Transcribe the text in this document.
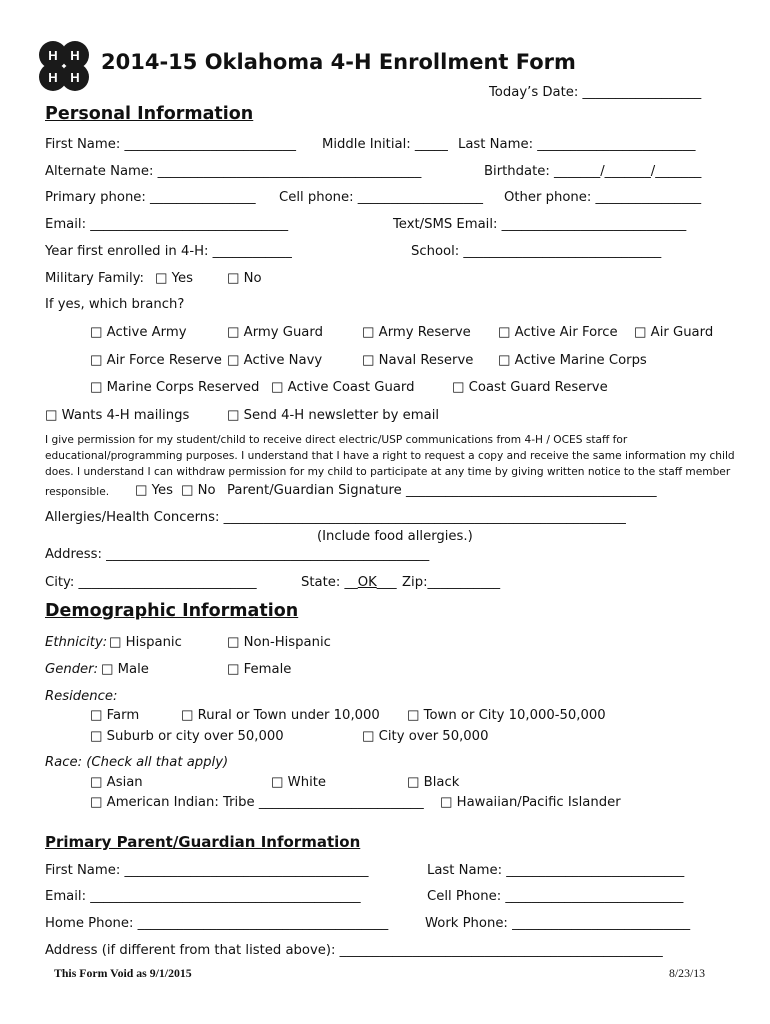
H H
H H
2014-15 Oklahoma 4-H Enrollment Form
Today’s Date: __________________
Personal Information
First Name: __________________________ Middle Initial: _____ Last Name: ________________________
Alternate Name: ________________________________________	Birthdate: _______/_______/_______
Primary phone: ________________ Cell phone: ___________________ Other phone: ________________
Email: ______________________________	Text/SMS Email: ____________________________
Year first enrolled in 4-H: ____________	School: ______________________________
Military Family: □ Yes	□ No
If yes, which branch?
□ Active Army	□ Army Guard	□ Army Reserve □ Active Air Force □ Air Guard
□ Air Force Reserve □ Active Navy	□ Naval Reserve □ Active Marine Corps
□ Marine Corps Reserved □ Active Coast Guard	□ Coast Guard Reserve
□ Wants 4-H mailings	□ Send 4-H newsletter by email
I give permission for my student/child to receive direct electric/USP communications from 4-H / OCES staff for
educational/programming purposes. I understand that I have a right to request a copy and receive the same information my child
does. I understand I can withdraw permission for my child to participate at any time by giving written notice to the staff member
responsible. □ Yes □ No Parent/Guardian Signature ______________________________________
Allergies/Health Concerns: _____________________________________________________________
(Include food allergies.)
Address: _________________________________________________
City: ___________________________	State: __OK___ Zip:___________
Demographic Information
Ethnicity: □ Hispanic	□ Non-Hispanic
Gender: □ Male	□ Female
Residence:
□ Farm	□ Rural or Town under 10,000 □ Town or City 10,000-50,000
□ Suburb or city over 50,000	□ City over 50,000
Race: (Check all that apply)
□ Asian	□ White	□ Black
□ American Indian: Tribe _________________________ □ Hawaiian/Pacific Islander
Primary Parent/Guardian Information
First Name: _____________________________________	Last Name: ___________________________
Email: _________________________________________	Cell Phone: ___________________________
Home Phone: ______________________________________	Work Phone: ___________________________
Address (if different from that listed above): _________________________________________________
This Form Void as 9/1/2015	8/23/13
